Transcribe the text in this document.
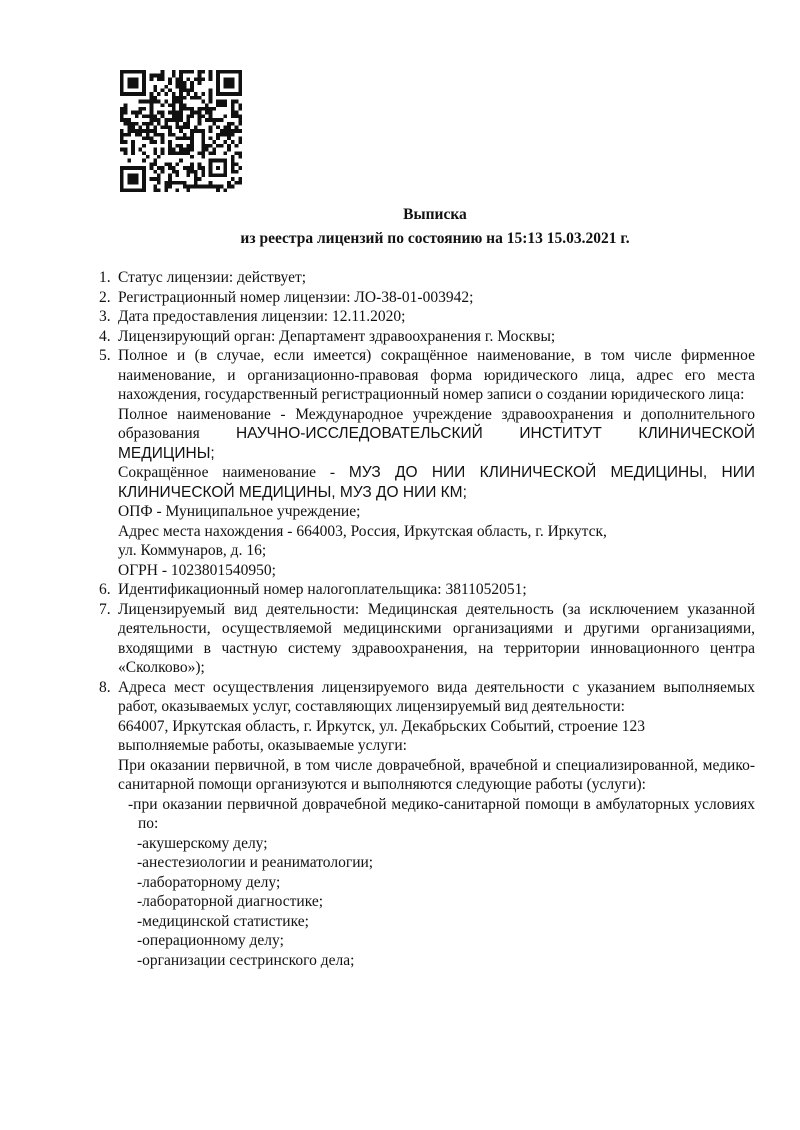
Выписка
из реестра лицензий по состоянию на 15:13 15.03.2021 г.
1. Статус лицензии: действует;
2. Регистрационный номер лицензии: ЛО-38-01-003942;
3. Дата предоставления лицензии: 12.11.2020;
4. Лицензирующий орган: Департамент здравоохранения г. Москвы;
5. Полное и (в случае, если имеется) сокращённое наименование, в том числе фирменное наименование, и организационно-правовая форма юридического лица, адрес его места нахождения, государственный регистрационный номер записи о создании юридического лица:
Полное наименование - Международное учреждение здравоохранения и дополнительного образования НАУЧНО-ИССЛЕДОВАТЕЛЬСКИЙ ИНСТИТУТ КЛИНИЧЕСКОЙ МЕДИЦИНЫ;
Сокращённое наименование - МУЗ ДО НИИ КЛИНИЧЕСКОЙ МЕДИЦИНЫ, НИИ КЛИНИЧЕСКОЙ МЕДИЦИНЫ, МУЗ ДО НИИ КМ;
ОПФ - Муниципальное учреждение;
Адрес места нахождения - 664003, Россия, Иркутская область, г. Иркутск,
ул. Коммунаров, д. 16;
ОГРН - 1023801540950;
6. Идентификационный номер налогоплательщика: 3811052051;
7. Лицензируемый вид деятельности: Медицинская деятельность (за исключением указанной деятельности, осуществляемой медицинскими организациями и другими организациями, входящими в частную систему здравоохранения, на территории инновационного центра «Сколково»);
8. Адреса мест осуществления лицензируемого вида деятельности с указанием выполняемых работ, оказываемых услуг, составляющих лицензируемый вид деятельности:
664007, Иркутская область, г. Иркутск, ул. Декабрьских Событий, строение 123
выполняемые работы, оказываемые услуги:
При оказании первичной, в том числе доврачебной, врачебной и специализированной, медико-санитарной помощи организуются и выполняются следующие работы (услуги):
-при оказании первичной доврачебной медико-санитарной помощи в амбулаторных условиях по:
-акушерскому делу;
-анестезиологии и реаниматологии;
-лабораторному делу;
-лабораторной диагностике;
-медицинской статистике;
-операционному делу;
-организации сестринского дела;
